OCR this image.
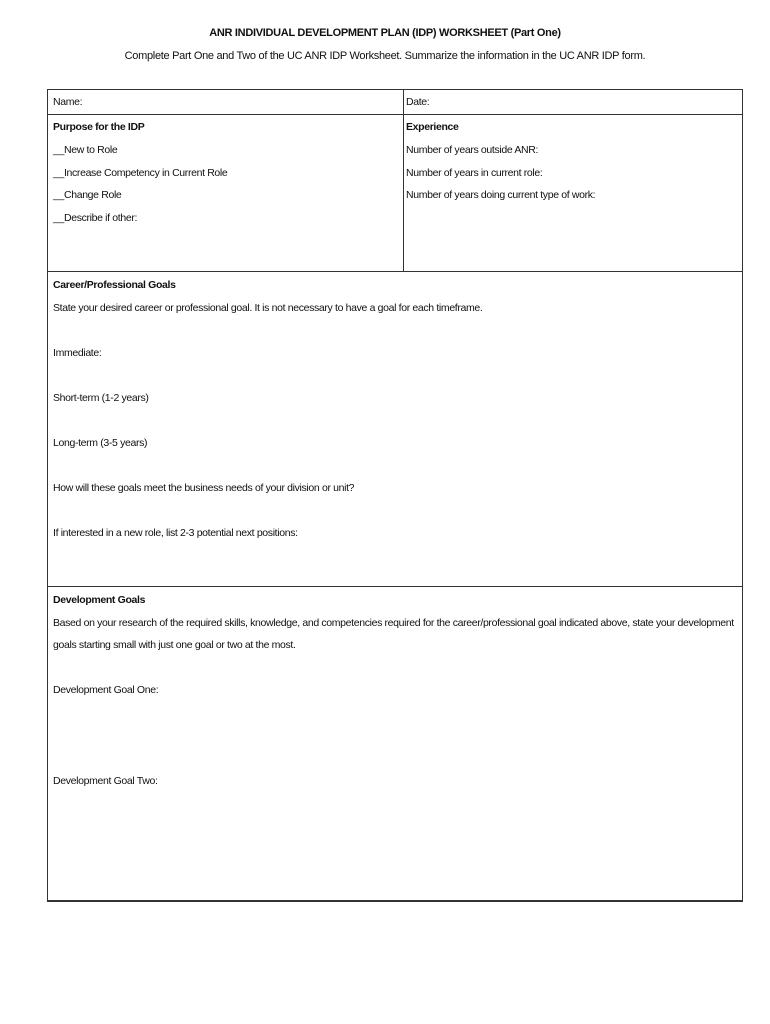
ANR INDIVIDUAL DEVELOPMENT PLAN (IDP) WORKSHEET (Part One)
Complete Part One and Two of the UC ANR IDP Worksheet. Summarize the information in the UC ANR IDP form.
Name:	Date:
Purpose for the IDP
__New to Role
__Increase Competency in Current Role
__Change Role
__Describe if other:
Experience
Number of years outside ANR:
Number of years in current role:
Number of years doing current type of work:
Career/Professional Goals
State your desired career or professional goal. It is not necessary to have a goal for each timeframe.
Immediate:
Short-term (1-2 years)
Long-term (3-5 years)
How will these goals meet the business needs of your division or unit?
If interested in a new role, list 2-3 potential next positions:
Development Goals
Based on your research of the required skills, knowledge, and competencies required for the career/professional goal indicated above, state your development goals starting small with just one goal or two at the most.
Development Goal One:
Development Goal Two:
